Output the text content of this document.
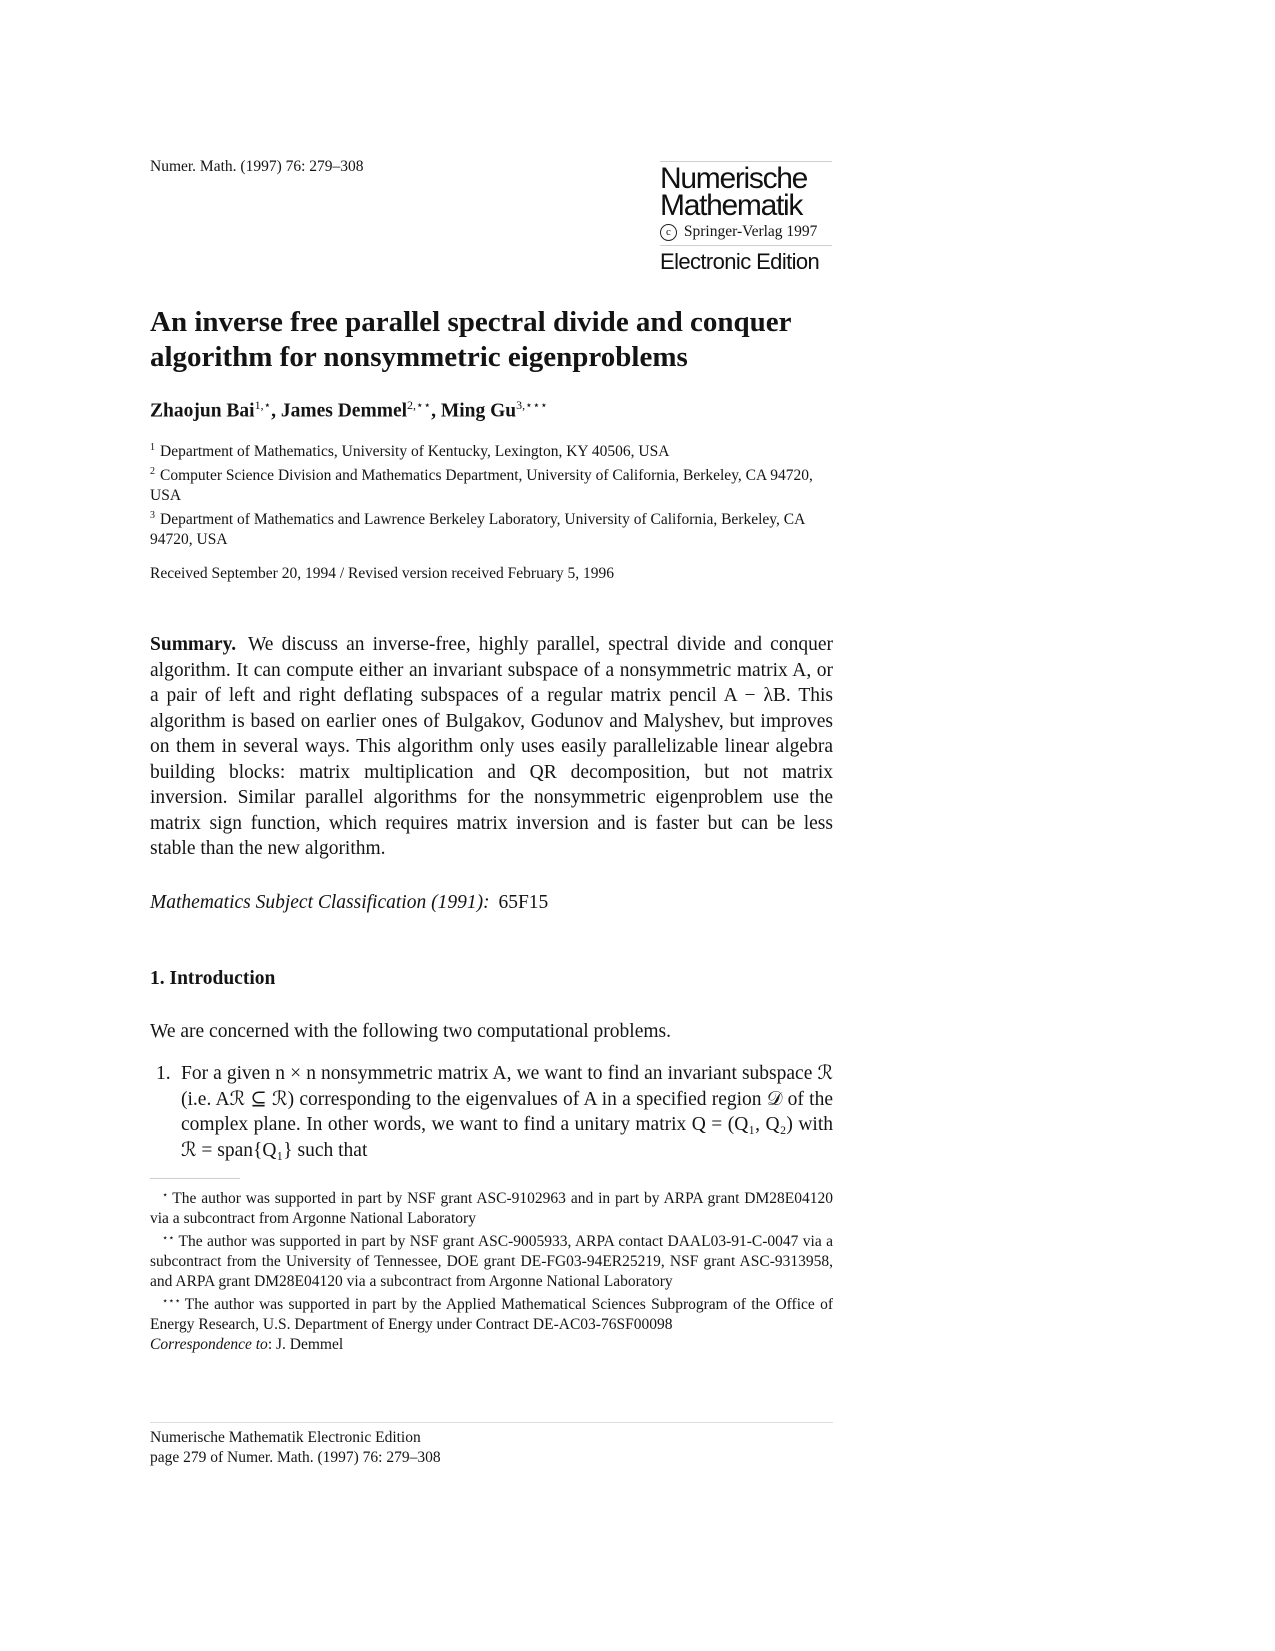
Numer. Math. (1997) 76: 279–308	Numerische
Mathematik
c Springer-Verlag 1997
Electronic Edition
An inverse free parallel spectral divide and conquer algorithm for nonsymmetric eigenproblems
Zhaojun Bai$^{1,⋆}$, James Demmel$^{2,⋆⋆}$, Ming $Gu^{3,⋆⋆⋆}$
$^1$ Department of Mathematics, University of Kentucky, Lexington, KY 40506, USA
$^2$ Computer Science Division and Mathematics Department, University of California, Berkeley, CA 94720, USA
$^3$ Department of Mathematics and Lawrence Berkeley Laboratory, University of California, Berkeley, CA 94720, USA
Received September 20, 1994 / Revised version received February 5, 1996
Summary. We discuss an inverse-free, highly parallel, spectral divide and conquer algorithm. It can compute either an invariant subspace of a nonsymmetric matrix A, or a pair of left and right deflating subspaces of a regular matrix pencil A − λB. This algorithm is based on earlier ones of Bulgakov, Godunov and Malyshev, but improves on them in several ways. This algorithm only uses easily parallelizable linear algebra building blocks: matrix multiplication and QR decomposition, but not matrix inversion. Similar parallel algorithms for the nonsymmetric eigenproblem use the matrix sign function, which requires matrix inversion and is faster but can be less stable than the new algorithm.
Mathematics Subject Classification (1991): 65F15
1. Introduction
We are concerned with the following two computational problems.
1. For a given n × n nonsymmetric matrix A, we want to find an invariant subspace ℛ (i.e. Aℛ ⊆ ℛ) corresponding to the eigenvalues of A in a specified region 𝒟 of the complex plane. In other words, we want to find a unitary matrix Q = (Q₁, Q₂) with ℛ = span{Q₁} such that

⋆ The author was supported in part by NSF grant ASC-9102963 and in part by ARPA grant DM28E04120 via a subcontract from Argonne National Laboratory

⋆⋆ The author was supported in part by NSF grant ASC-9005933, ARPA contact DAAL03-91-C-0047 via a subcontract from the University of Tennessee, DOE grant DE-FG03-94ER25219, NSF grant ASC-9313958, and ARPA grant DM28E04120 via a subcontract from Argonne National Laboratory

⋆⋆⋆ The author was supported in part by the Applied Mathematical Sciences Subprogram of the Office of Energy Research, U.S. Department of Energy under Contract DE-AC03-76SF00098

Correspondence to: J. Demmel

Numerische Mathematik Electronic Edition
page 279 of Numer. Math. (1997) 76: 279–308
